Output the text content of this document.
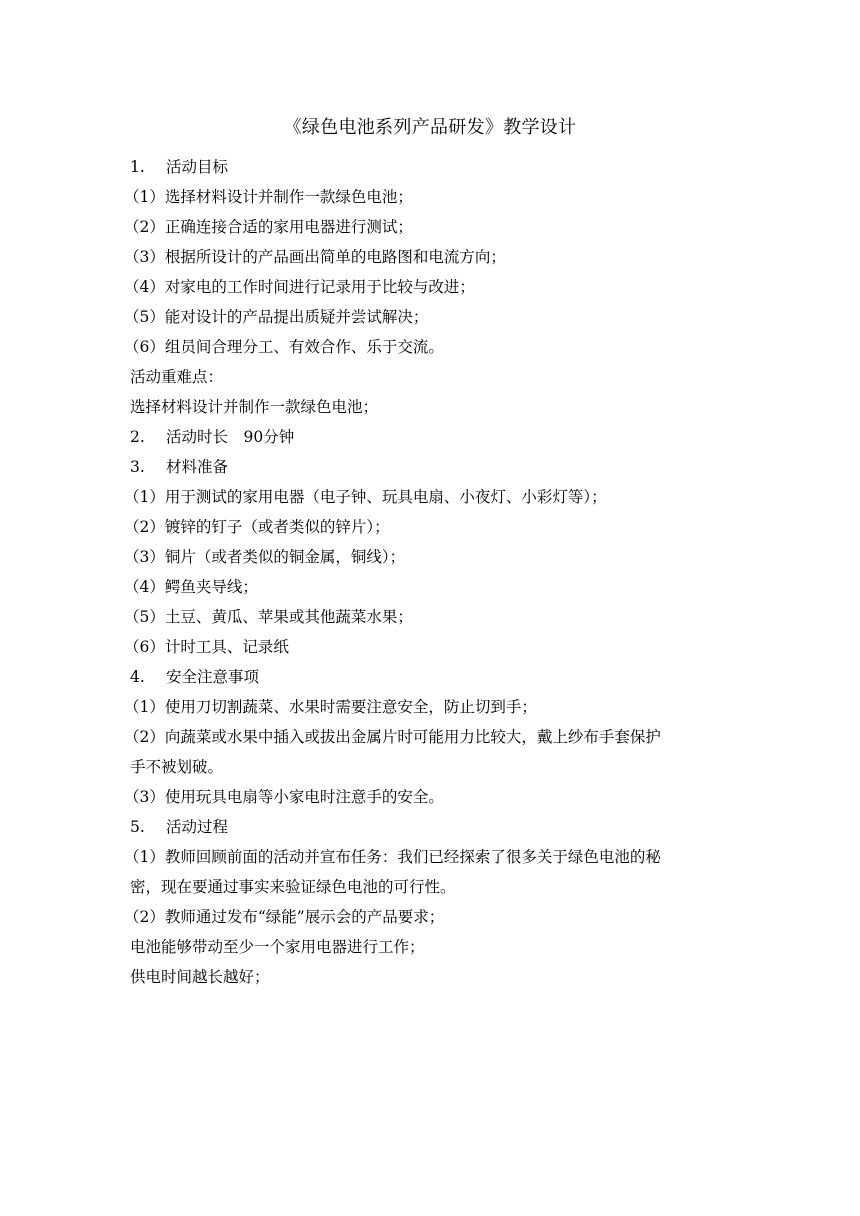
《绿色电池系列产品研发》教学设计
1. 活动目标
（1）选择材料设计并制作一款绿色电池；
（2）正确连接合适的家用电器进行测试；
（3）根据所设计的产品画出简单的电路图和电流方向；
（4）对家电的工作时间进行记录用于比较与改进；
（5）能对设计的产品提出质疑并尝试解决；
（6）组员间合理分工、有效合作、乐于交流。
活动重难点：
选择材料设计并制作一款绿色电池；
2. 活动时长　90分钟
3. 材料准备
（1）用于测试的家用电器（电子钟、玩具电扇、小夜灯、小彩灯等）；
（2）镀锌的钉子（或者类似的锌片）；
（3）铜片（或者类似的铜金属，铜线）；
（4）鳄鱼夹导线；
（5）土豆、黄瓜、苹果或其他蔬菜水果；
（6）计时工具、记录纸
4. 安全注意事项
（1）使用刀切割蔬菜、水果时需要注意安全，防止切到手；
（2）向蔬菜或水果中插入或拔出金属片时可能用力比较大，戴上纱布手套保护
手不被划破。
（3）使用玩具电扇等小家电时注意手的安全。
5. 活动过程
（1）教师回顾前面的活动并宣布任务：我们已经探索了很多关于绿色电池的秘
密，现在要通过事实来验证绿色电池的可行性。
（2）教师通过发布“绿能”展示会的产品要求；
电池能够带动至少一个家用电器进行工作；
供电时间越长越好；
